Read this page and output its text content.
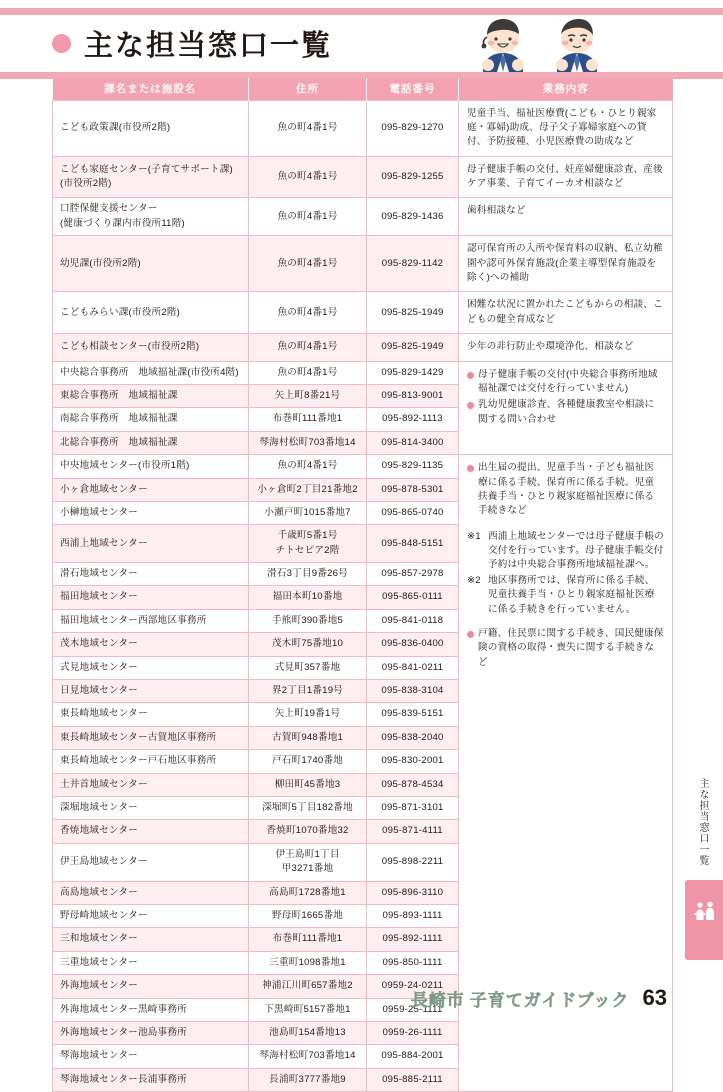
主な担当窓口一覧
課名または施設名	住所	電話番号	業務内容

こども政策課(市役所2階)	魚の町4番1号	095-829-1270	児童手当、福祉医療費(こども・ひとり親家庭・寡婦)助成、母子父子寡婦家庭への貸付、予防接種、小児医療費の助成など

こども家庭センター(子育てサポート課)
(市役所2階)	魚の町4番1号	095-829-1255	母子健康手帳の交付、妊産婦健康診査、産後ケア事業、子育てイーカオ相談など

口腔保健支援センター
(健康づくり課内市役所11階)	魚の町4番1号	095-829-1436	歯科相談など

幼児課(市役所2階)	魚の町4番1号	095-829-1142	認可保育所の入所や保育料の収納、私立幼稚園や認可外保育施設(企業主導型保育施設を除く)への補助

こどもみらい課(市役所2階)	魚の町4番1号	095-825-1949	困難な状況に置かれたこどもからの相談、こどもの健全育成など

こども相談センター(市役所2階)	魚の町4番1号	095-825-1949	少年の非行防止や環境浄化、相談など

中央総合事務所　地域福祉課(市役所4階)	魚の町4番1号	095-829-1429	母子健康手帳の交付(中央総合事務所地域福祉課では交付を行っていません)
乳幼児健康診査、各種健康教室や相談に関する問い合わせ

東総合事務所　地域福祉課	矢上町8番21号	095-813-9001	

南総合事務所　地域福祉課	布巻町111番地1	095-892-1113	

北総合事務所　地域福祉課	琴海村松町703番地14	095-814-3400	

中央地域センター(市役所1階)	魚の町4番1号	095-829-1135	出生届の提出、児童手当・子ども福祉医療に係る手続、保育所に係る手続、児童扶養手当・ひとり親家庭福祉医療に係る手続きなど
※1 西浦上地域センターでは母子健康手帳の交付を行っています。母子健康手帳交付予約は中央総合事務所地域福祉課へ。
※2 地区事務所では、保育所に係る手続、児童扶養手当・ひとり親家庭福祉医療に係る手続きを行っていません。
戸籍、住民票に関する手続き、国民健康保険の資格の取得・喪失に関する手続きなど

小ヶ倉地域センター	小ヶ倉町2丁目21番地2	095-878-5301	

小榊地域センター	小瀬戸町1015番地7	095-865-0740	

西浦上地域センター	千歳町5番1号
チトセピア2階	095-848-5151	

滑石地域センター	滑石3丁目9番26号	095-857-2978	

福田地域センター	福田本町10番地	095-865-0111	

福田地域センター西部地区事務所	手熊町390番地5	095-841-0118	

茂木地域センター	茂木町75番地10	095-836-0400	

式見地域センター	式見町357番地	095-841-0211	

日見地域センター	界2丁目1番19号	095-838-3104	

東長崎地域センター	矢上町19番1号	095-839-5151	

東長崎地域センター古賀地区事務所	古賀町948番地1	095-838-2040	

東長崎地域センター戸石地区事務所	戸石町1740番地	095-830-2001	

土井首地域センター	柳田町45番地3	095-878-4534	

深堀地域センター	深堀町5丁目182番地	095-871-3101	

香焼地域センター	香焼町1070番地32	095-871-4111	

伊王島地域センター	伊王島町1丁目
甲3271番地	095-898-2211	

高島地域センター	高島町1728番地1	095-896-3110	

野母崎地域センター	野母町1665番地	095-893-1111	

三和地域センター	布巻町111番地1	095-892-1111	

三重地域センター	三重町1098番地1	095-850-1111	

外海地域センター	神浦江川町657番地2	0959-24-0211	

外海地域センター黒崎事務所	下黒崎町5157番地1	0959-25-1111	

外海地域センター池島事務所	池島町154番地13	0959-26-1111	

琴海地域センター	琴海村松町703番地14	095-884-2001	

琴海地域センター長浦事務所	長浦町3777番地9	095-885-2111	
主な担当窓口一覧
長崎市 子育てガイドブック 63
